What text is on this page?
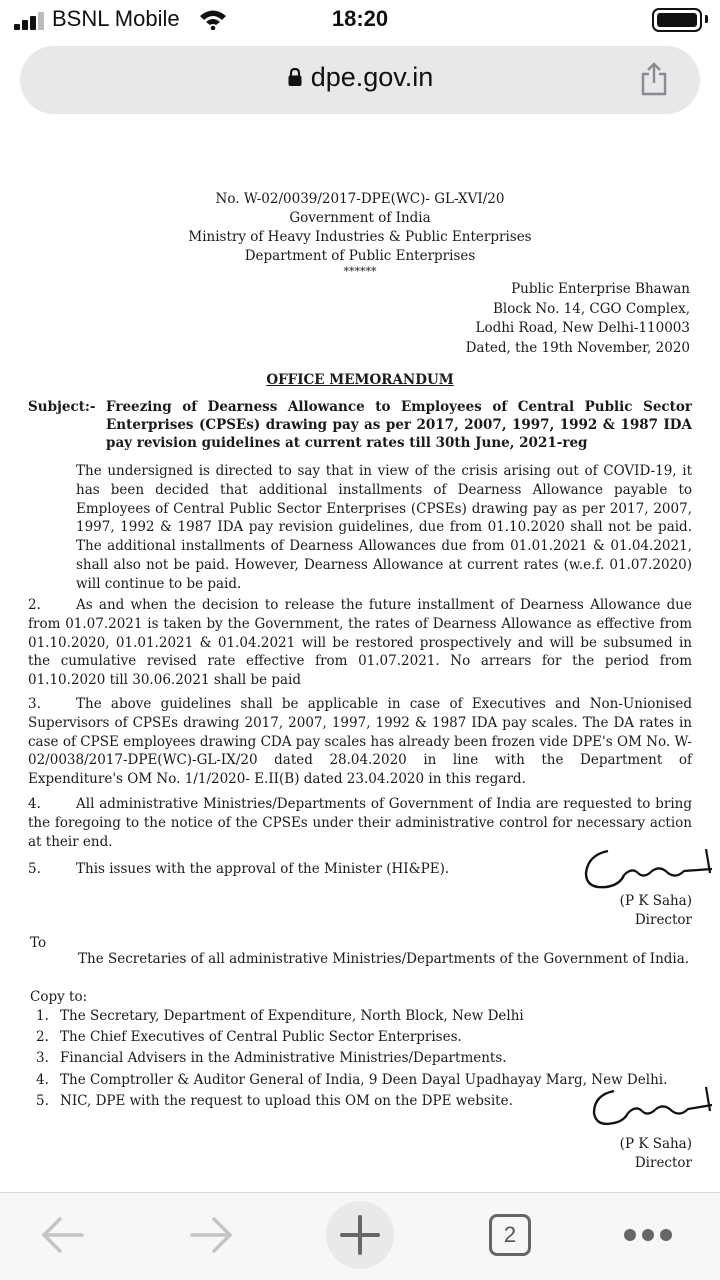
BSNL Mobile	18:20
dpe.gov.in
No. W-02/0039/2017-DPE(WC)- GL-XVI/20
Government of India
Ministry of Heavy Industries & Public Enterprises
Department of Public Enterprises
******
Public Enterprise Bhawan
Block No. 14, CGO Complex,
Lodhi Road, New Delhi-110003
Dated, the 19th November, 2020
OFFICE MEMORANDUM
Subject:- Freezing of Dearness Allowance to Employees of Central Public Sector Enterprises (CPSEs) drawing pay as per 2017, 2007, 1997, 1992 & 1987 IDA pay revision guidelines at current rates till 30th June, 2021-reg
The undersigned is directed to say that in view of the crisis arising out of COVID-19, it has been decided that additional installments of Dearness Allowance payable to Employees of Central Public Sector Enterprises (CPSEs) drawing pay as per 2017, 2007, 1997, 1992 & 1987 IDA pay revision guidelines, due from 01.10.2020 shall not be paid. The additional installments of Dearness Allowances due from 01.01.2021 & 01.04.2021, shall also not be paid. However, Dearness Allowance at current rates (w.e.f. 01.07.2020) will continue to be paid.
2.	As and when the decision to release the future installment of Dearness Allowance due from 01.07.2021 is taken by the Government, the rates of Dearness Allowance as effective from 01.10.2020, 01.01.2021 & 01.04.2021 will be restored prospectively and will be subsumed in the cumulative revised rate effective from 01.07.2021. No arrears for the period from 01.10.2020 till 30.06.2021 shall be paid
3.	The above guidelines shall be applicable in case of Executives and Non-Unionised Supervisors of CPSEs drawing 2017, 2007, 1997, 1992 & 1987 IDA pay scales. The DA rates in case of CPSE employees drawing CDA pay scales has already been frozen vide DPE's OM No. W-02/0038/2017-DPE(WC)-GL-IX/20 dated 28.04.2020 in line with the Department of Expenditure's OM No. 1/1/2020- E.II(B) dated 23.04.2020 in this regard.
4.	All administrative Ministries/Departments of Government of India are requested to bring the foregoing to the notice of the CPSEs under their administrative control for necessary action at their end.
5.	This issues with the approval of the Minister (HI&PE).
(P K Saha)
Director
To
The Secretaries of all administrative Ministries/Departments of the Government of India.
Copy to:
1. The Secretary, Department of Expenditure, North Block, New Delhi
2. The Chief Executives of Central Public Sector Enterprises.
3. Financial Advisers in the Administrative Ministries/Departments.
4. The Comptroller & Auditor General of India, 9 Deen Dayal Upadhayay Marg, New Delhi.
5. NIC, DPE with the request to upload this OM on the DPE website.
(P K Saha)
Director
2
